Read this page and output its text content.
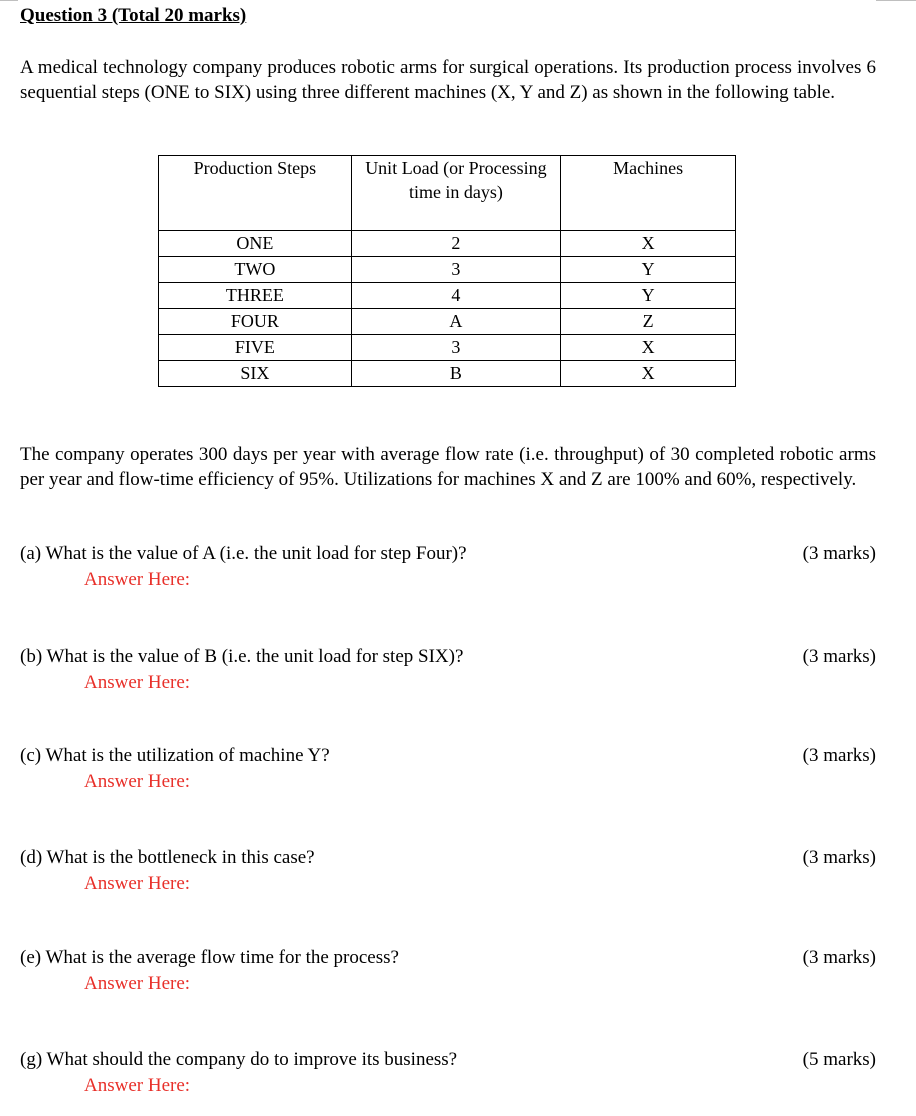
Question 3 (Total 20 marks)
A medical technology company produces robotic arms for surgical operations. Its production process involves 6 sequential steps (ONE to SIX) using three different machines (X, Y and Z) as shown in the following table.
Production Steps	Unit Load (or Processing time in days)	Machines
ONE	2	X
TWO	3	Y
THREE	4	Y
FOUR	A	Z
FIVE	3	X
SIX	B	X
The company operates 300 days per year with average flow rate (i.e. throughput) of 30 completed robotic arms per year and flow-time efficiency of 95%. Utilizations for machines X and Z are 100% and 60%, respectively.
(a) What is the value of A (i.e. the unit load for step Four)?	(3 marks)
Answer Here:
(b) What is the value of B (i.e. the unit load for step SIX)?	(3 marks)
Answer Here:
(c) What is the utilization of machine Y?	(3 marks)
Answer Here:
(d) What is the bottleneck in this case?	(3 marks)
Answer Here:
(e) What is the average flow time for the process?	(3 marks)
Answer Here:
(g) What should the company do to improve its business?	(5 marks)
Answer Here:
